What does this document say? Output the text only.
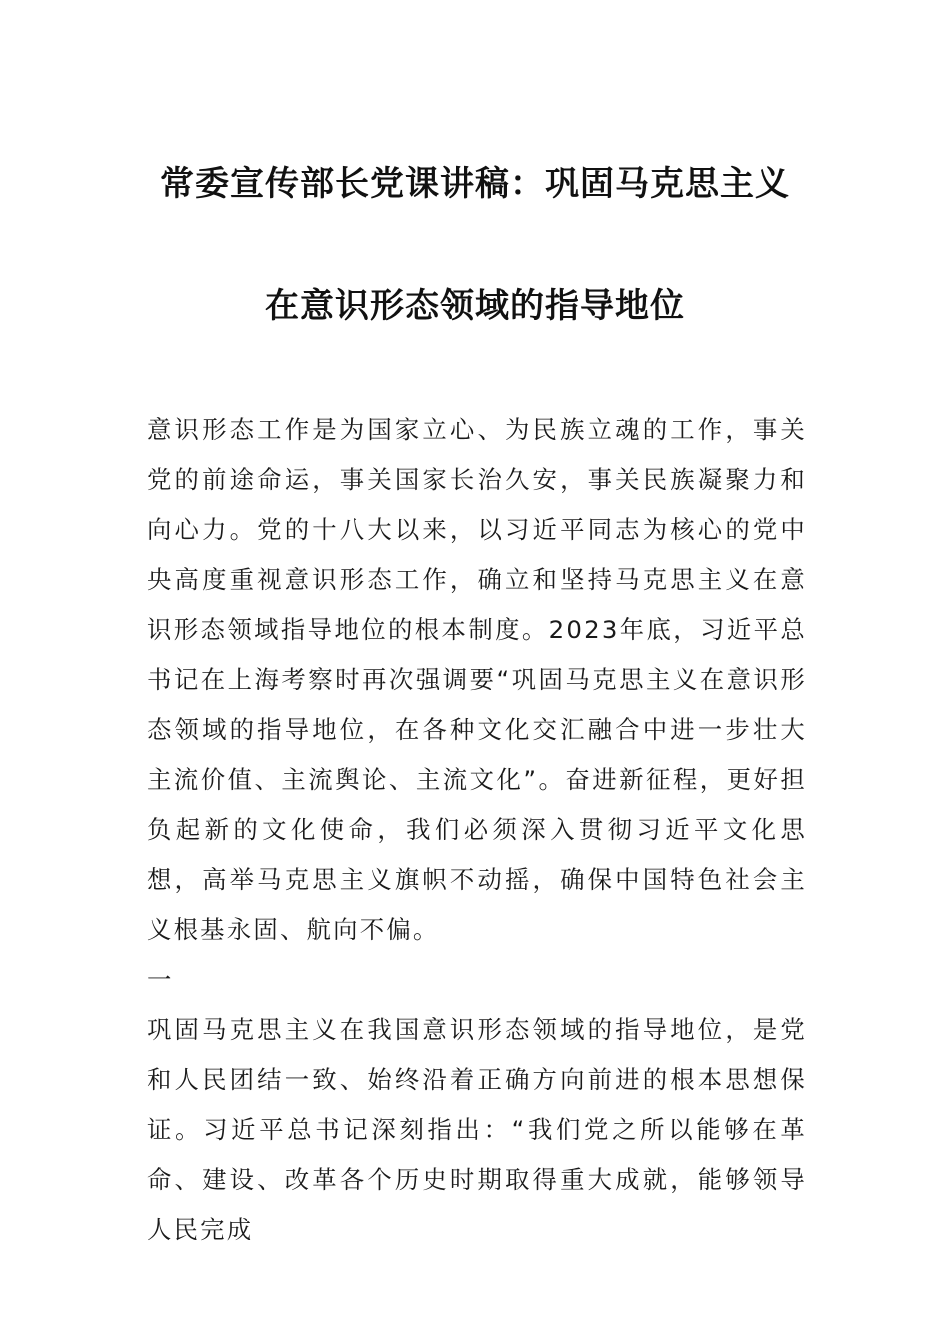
常委宣传部长党课讲稿：巩固马克思主义
在意识形态领域的指导地位

意识形态工作是为国家立心、为民族立魂的工作，事关党的前途命运，事关国家长治久安，事关民族凝聚力和向心力。党的十八大以来，以习近平同志为核心的党中央高度重视意识形态工作，确立和坚持马克思主义在意识形态领域指导地位的根本制度。2023年底，习近平总书记在上海考察时再次强调要“巩固马克思主义在意识形态领域的指导地位，在各种文化交汇融合中进一步壮大主流价值、主流舆论、主流文化”。奋进新征程，更好担负起新的文化使命，我们必须深入贯彻习近平文化思想，高举马克思主义旗帜不动摇，确保中国特色社会主义根基永固、航向不偏。

一

巩固马克思主义在我国意识形态领域的指导地位，是党和人民团结一致、始终沿着正确方向前进的根本思想保证。习近平总书记深刻指出：“我们党之所以能够在革命、建设、改革各个历史时期取得重大成就，能够领导人民完成
